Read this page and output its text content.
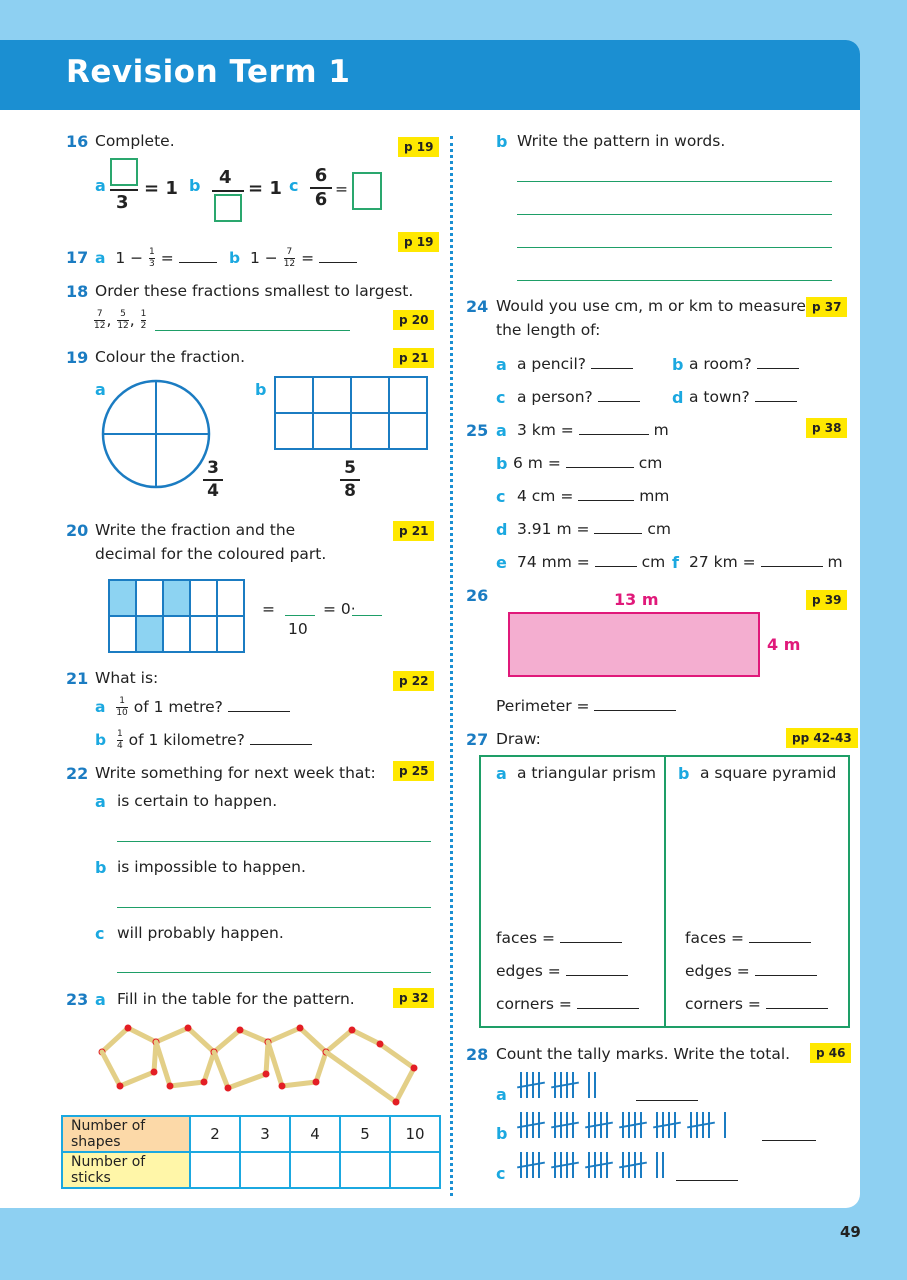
Revision Term 1
16 Complete.	p 19
a
3
= 1 b 4
= 1 c 6
6 =
p 19
17 a $1 - \frac{1}{3}$ =	b $1 - \frac{7}{12}$ =
18 Order these fractions smallest to largest.
$\frac{7}{12}$ , $\frac{5}{12}$ , $\frac{1}{2}$	p 20
19 Colour the fraction.	p 21
a
3
4
b

5
8
20 Write the fraction and the
decimal for the coloured part.
p 21

=
10
= 0·
21 What is:	p 22
a $\frac{1}{10}$ of 1 metre?
b $\frac{1}{4}$ of 1 kilometre?
22 Write something for next week that:	p 25
a is certain to happen.
b is impossible to happen.
c will probably happen.
23 a Fill in the table for the pattern.	p 32
Number of shapes	2	3	4	5	10
Number of sticks					
b Write the pattern in words.
24 Would you use cm, m or km to measure
the length of:
p 37
a a pencil?	b a room?
c a person?	d a town?
25	p 38
a 3 km =	m
b 6 m =	cm
c 4 cm =	mm
d 3.91 m =	cm
e 74 mm =	cm f 27 km =	m
26	p 39
13 m
4 m
Perimeter =
27 Draw:	pp 42-43
a a triangular prism b a square pyramid
faces =
edges =
corners =
faces =
edges =
corners =
28 Count the tally marks. Write the total.	p 46
a
b
c
49
